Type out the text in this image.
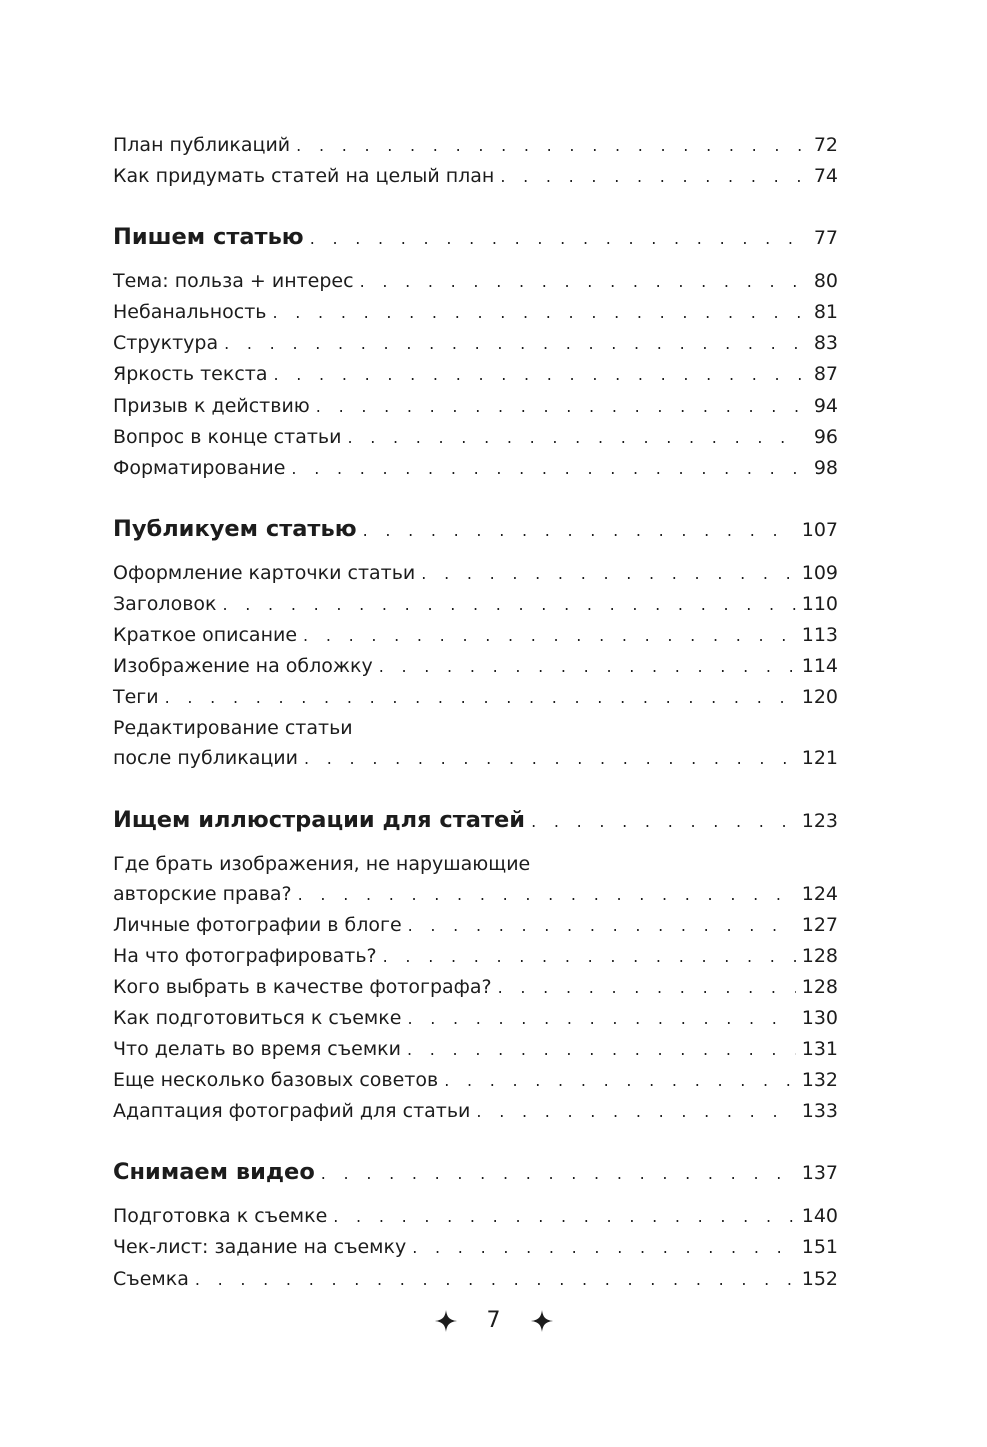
План публикаций . . .	72
Как придумать статей на целый план . . .	74
Пишем статью . . .	77
Тема: польза + интерес . . .	80
Небанальность . . .	81
Структура . . .	83
Яркость текста . . .	87
Призыв к действию . . .	94
Вопрос в конце статьи . . .	96
Форматирование . . .	98
Публикуем статью . . .	107
Оформление карточки статьи . . .	109
Заголовок . . .	110
Краткое описание . . .	113
Изображение на обложку . . .	114
Теги . . .	120
Редактирование статьи
после публикации . . .	121
Ищем иллюстрации для статей . . .	123
Где брать изображения, не нарушающие
авторские права? . . .	124
Личные фотографии в блоге . . .	127
На что фотографировать? . . .	128
Кого выбрать в качестве фотографа? . . .	128
Как подготовиться к съемке . . .	130
Что делать во время съемки . . .	131
Еще несколько базовых советов . . .	132
Адаптация фотографий для статьи . . .	133
Снимаем видео . . .	137
Подготовка к съемке . . .	140
Чек-лист: задание на съемку . . .	151
Съемка . . .	152
7
